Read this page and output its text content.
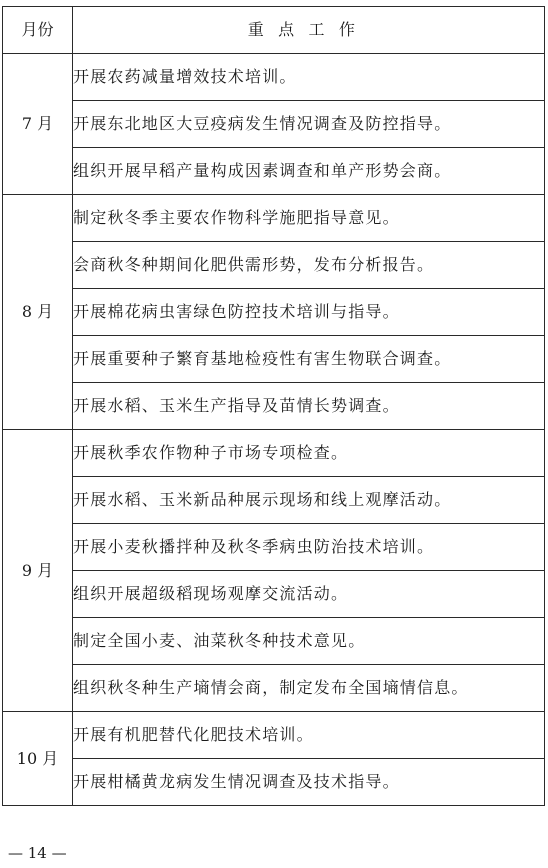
月份	重点工作
7 月	开展农药减量增效技术培训。
	开展东北地区大豆疫病发生情况调查及防控指导。
	组织开展早稻产量构成因素调查和单产形势会商。
8 月	制定秋冬季主要农作物科学施肥指导意见。
	会商秋冬种期间化肥供需形势，发布分析报告。
	开展棉花病虫害绿色防控技术培训与指导。
	开展重要种子繁育基地检疫性有害生物联合调查。
	开展水稻、玉米生产指导及苗情长势调查。
9 月	开展秋季农作物种子市场专项检查。
	开展水稻、玉米新品种展示现场和线上观摩活动。
	开展小麦秋播拌种及秋冬季病虫防治技术培训。
	组织开展超级稻现场观摩交流活动。
	制定全国小麦、油菜秋冬种技术意见。
	组织秋冬种生产墒情会商，制定发布全国墒情信息。
10 月	开展有机肥替代化肥技术培训。
	开展柑橘黄龙病发生情况调查及技术指导。
— 14 —
